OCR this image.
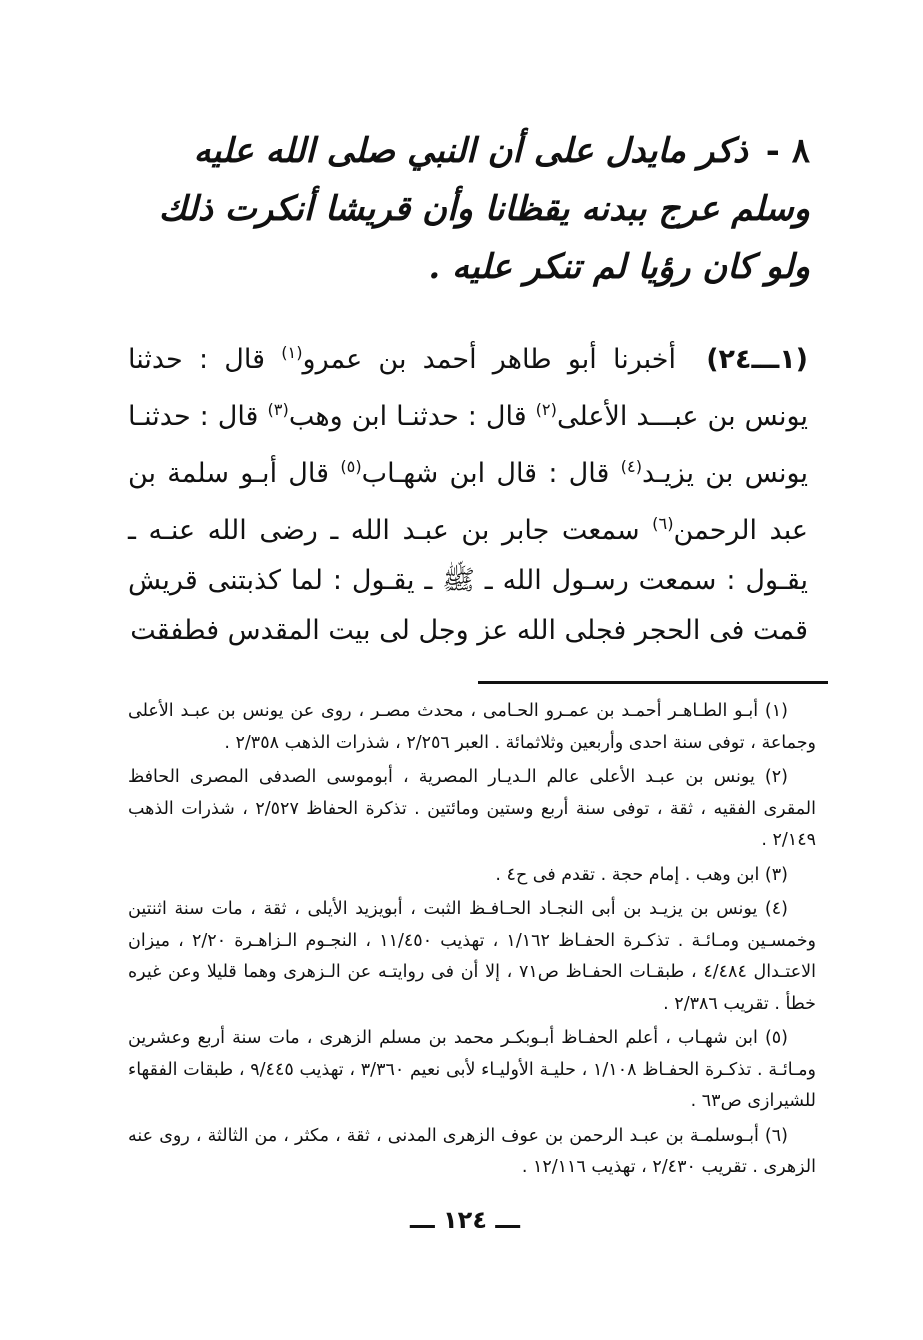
٨ - ذكر مايدل على أن النبي صلى الله عليه وسلم عرج ببدنه يقظانا وأن قريشا أنكرت ذلك ولو كان رؤيا لم تنكر عليه .
(١ـــ٢٤) أخبرنا أبو طاهر أحمد بن عمرو$^{(١)}$ قال : حدثنا يونس بن عبـــد الأعلى$^{(٢)}$ قال : حدثنـا ابن وهب$^{(٣)}$ قال : حدثنـا يونس بن يزيـد$^{(٤)}$ قال : قال ابن شهـاب$^{(٥)}$ قال أبـو سلمة بن عبد الرحمن$^{(٦)}$ سمعت جابر بن عبـد الله ـ رضى الله عنـه ـ يقـول : سمعت رسـول الله ـ ﷺ ـ يقـول : لما كذبتنى قريش قمت فى الحجر فجلى الله عز وجل لى بيت المقدس فطفقت

(١) أبـو الطـاهـر أحمـد بن عمـرو الحـامى ، محدث مصـر ، روى عن يونس بن عبـد الأعلى وجماعة ، توفى سنة احدى وأربعين وثلاثمائة . العبر ٢/٢٥٦ ، شذرات الذهب ٢/٣٥٨ .

(٢) يونس بن عبـد الأعلى عالم الـديـار المصرية ، أبوموسى الصدفى المصرى الحافظ المقرى الفقيه ، ثقة ، توفى سنة أربع وستين ومائتين . تذكرة الحفاظ ٢/٥٢٧ ، شذرات الذهب ٢/١٤٩ .

(٣) ابن وهب . إمام حجة . تقدم فى ح٤ .

(٤) يونس بن يزيـد بن أبى النجـاد الحـافـظ الثبت ، أبويزيد الأيلى ، ثقة ، مات سنة اثنتين وخمسـين ومـائـة . تذكـرة الحفـاظ ١/١٦٢ ، تهذيب ١١/٤٥٠ ، النجـوم الـزاهـرة ٢/٢٠ ، ميزان الاعتـدال ٤/٤٨٤ ، طبقـات الحفـاظ ص٧١ ، إلا أن فى روايتـه عن الـزهرى وهما قليلا وعن غيره خطأ . تقريب ٢/٣٨٦ .

(٥) ابن شهـاب ، أعلم الحفـاظ أبـوبكـر محمد بن مسلم الزهرى ، مات سنة أربع وعشرين ومـائـة . تذكـرة الحفـاظ ١/١٠٨ ، حليـة الأوليـاء لأبى نعيم ٣/٣٦٠ ، تهذيب ٩/٤٤٥ ، طبقات الفقهاء للشيرازى ص٦٣ .

(٦) أبـوسلمـة بن عبـد الرحمن بن عوف الزهرى المدنى ، ثقة ، مكثر ، من الثالثة ، روى عنه الزهرى . تقريب ٢/٤٣٠ ، تهذيب ١٢/١١٦ .

ـــ ١٢٤ ـــ
